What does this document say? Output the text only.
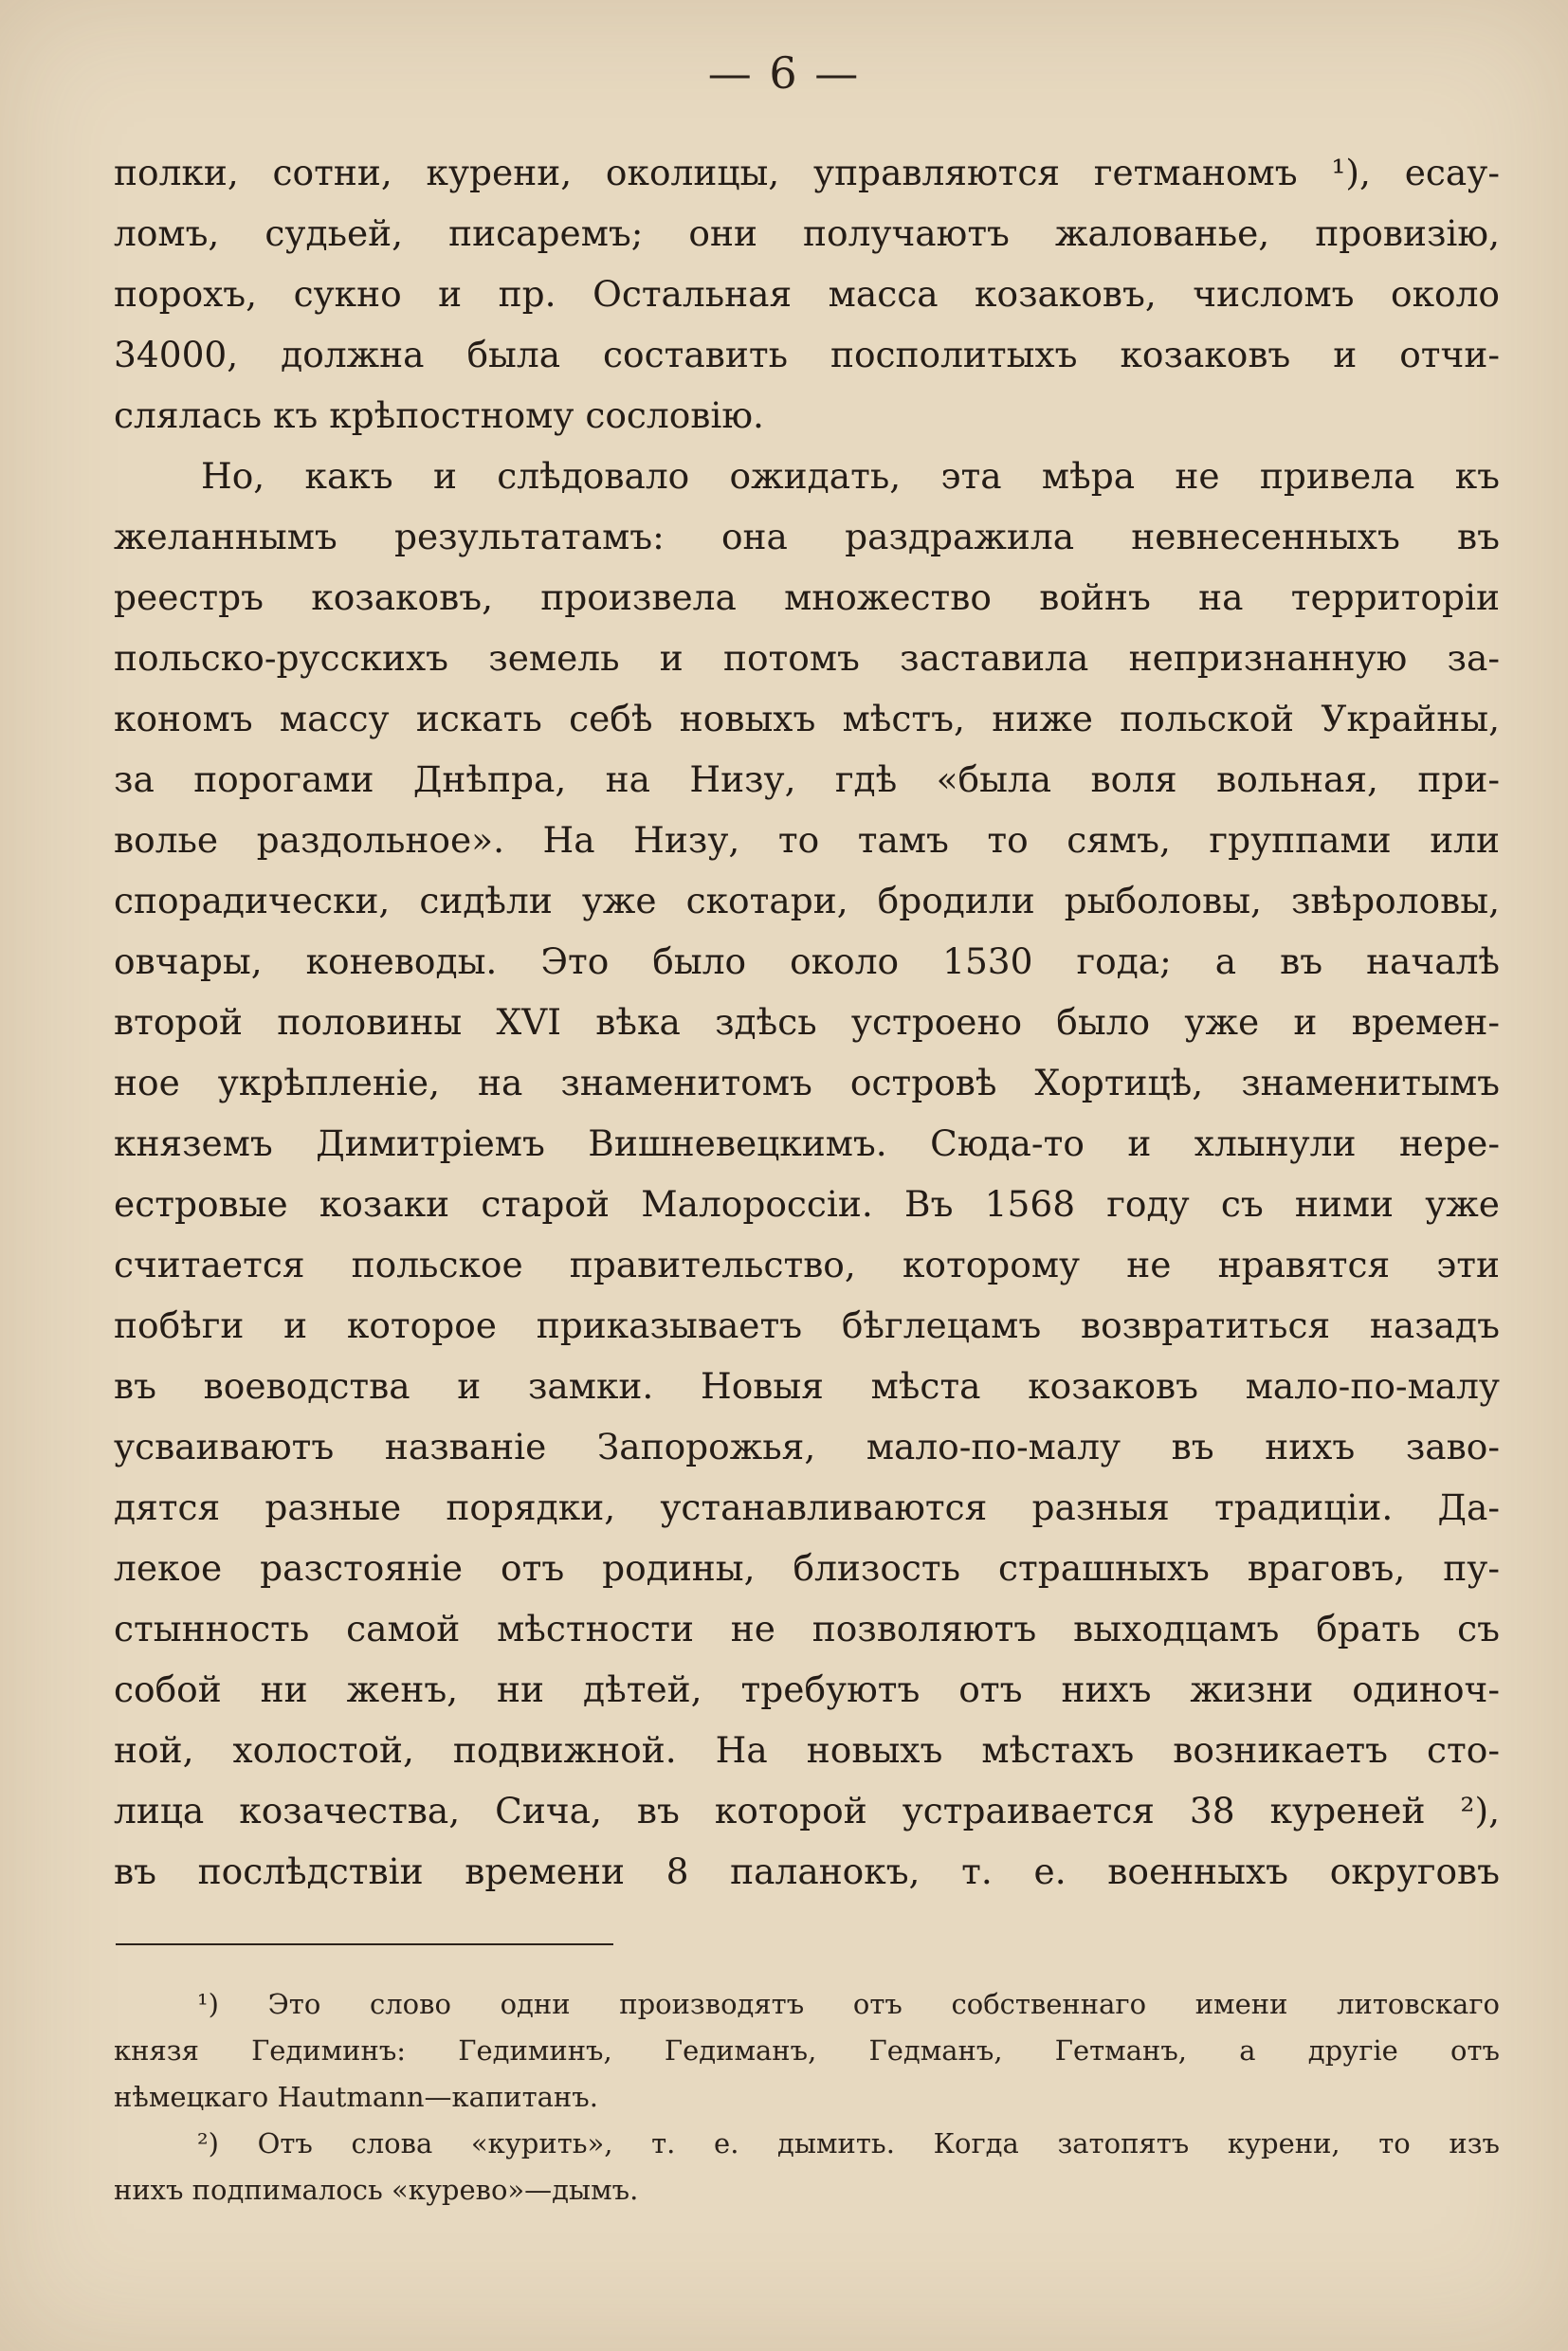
— 6 —
полки, сотни, курени, околицы, управляются гетманомъ ¹), есау-
ломъ, судьей, писаремъ; они получаютъ жалованье, провизію,
порохъ, сукно и пр. Остальная масса козаковъ, числомъ около
34000, должна была составить посполитыхъ козаковъ и отчи-
слялась къ крѣпостному сословію.
Но, какъ и слѣдовало ожидать, эта мѣра не привела къ
желаннымъ результатамъ: она раздражила невнесенныхъ въ
реестръ козаковъ, произвела множество войнъ на территоріи
польско-русскихъ земель и потомъ заставила непризнанную за-
кономъ массу искать себѣ новыхъ мѣстъ, ниже польской Украйны,
за порогами Днѣпра, на Низу, гдѣ «была воля вольная, при-
волье раздольное». На Низу, то тамъ то сямъ, группами или
спорадически, сидѣли уже скотари, бродили рыболовы, звѣроловы,
овчары, коневоды. Это было около 1530 года; а въ началѣ
второй половины XVI вѣка здѣсь устроено было уже и времен-
ное укрѣпленіе, на знаменитомъ островѣ Хортицѣ, знаменитымъ
княземъ Димитріемъ Вишневецкимъ. Сюда-то и хлынули нере-
естровые козаки старой Малороссіи. Въ 1568 году съ ними уже
считается польское правительство, которому не нравятся эти
побѣги и которое приказываетъ бѣглецамъ возвратиться назадъ
въ воеводства и замки. Новыя мѣста козаковъ мало-по-малу
усваиваютъ названіе Запорожья, мало-по-малу въ нихъ заво-
дятся разные порядки, устанавливаются разныя традиціи. Да-
лекое разстояніе отъ родины, близость страшныхъ враговъ, пу-
стынность самой мѣстности не позволяютъ выходцамъ брать съ
собой ни женъ, ни дѣтей, требуютъ отъ нихъ жизни одиноч-
ной, холостой, подвижной. На новыхъ мѣстахъ возникаетъ сто-
лица козачества, Сича, въ которой устраивается 38 куреней ²),
въ послѣдствіи времени 8 паланокъ, т. е. военныхъ округовъ
¹) Это слово одни производятъ отъ собственнаго имени литовскаго
князя Гедиминъ: Гедиминъ, Гедиманъ, Гедманъ, Гетманъ, а другіе отъ
нѣмецкаго Hautmann—капитанъ.
²) Отъ слова «курить», т. е. дымить. Когда затопятъ курени, то изъ
нихъ подпималось «курево»—дымъ.
